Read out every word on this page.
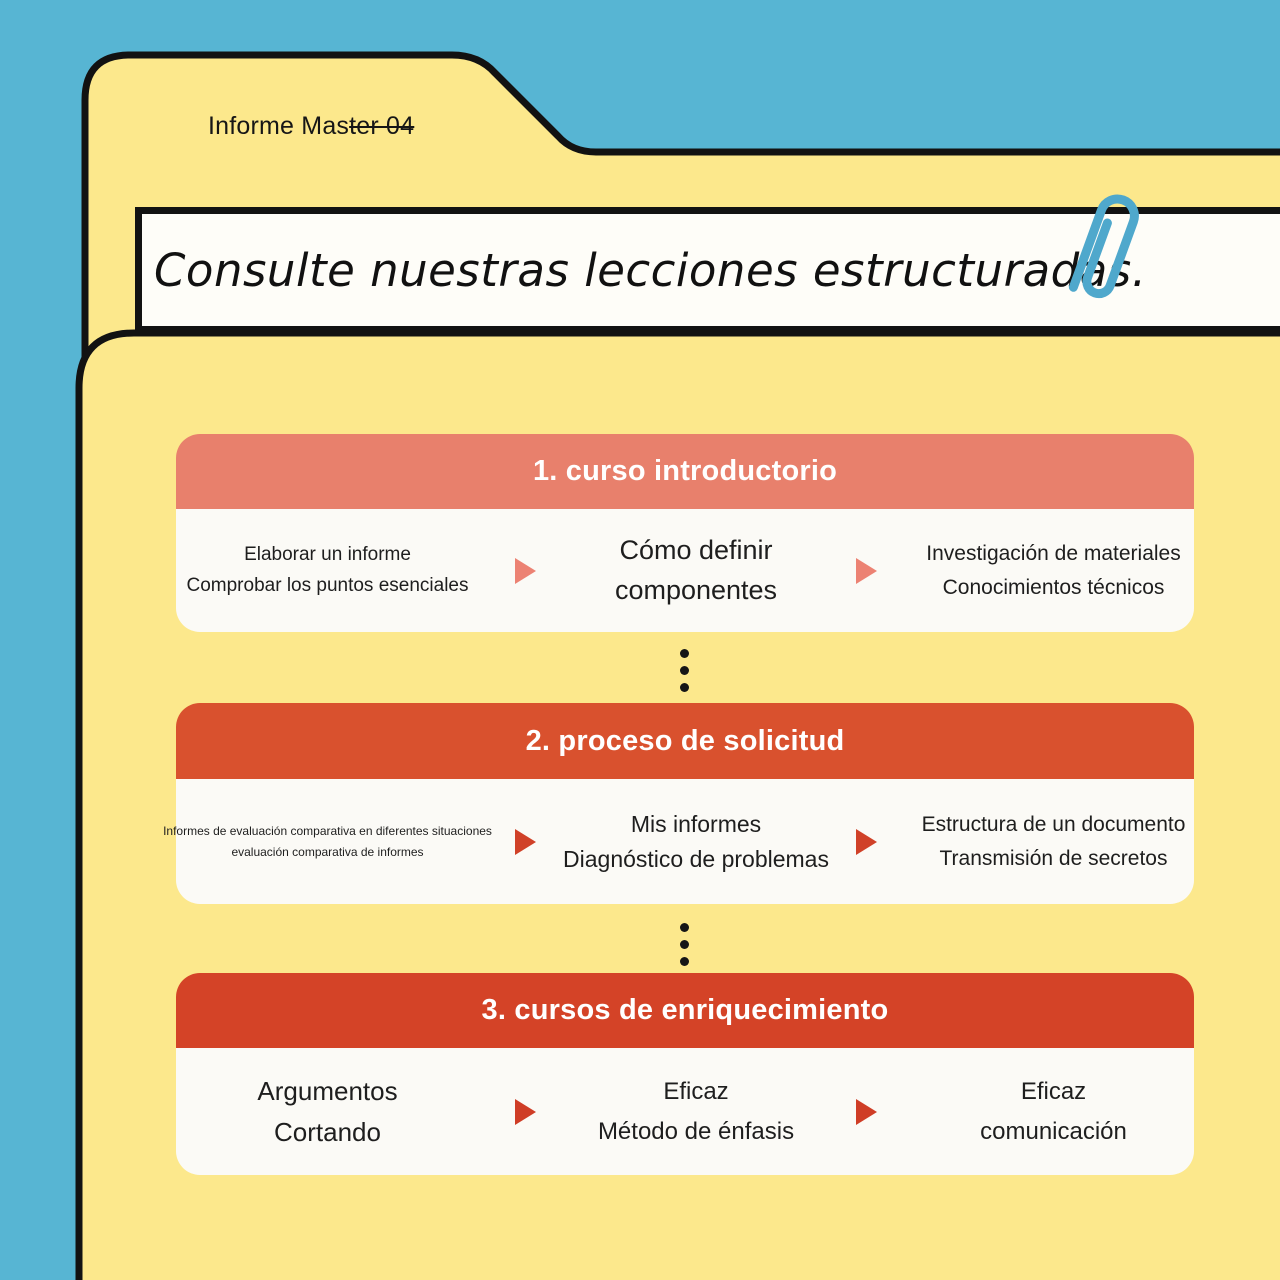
Informe Master 04
Consulte nuestras lecciones estructuradas.
1. curso introductorio
Elaborar un informe
Comprobar los puntos esenciales
Cómo definir
componentes
Investigación de materiales
Conocimientos técnicos
2. proceso de solicitud
Informes de evaluación comparativa en diferentes situaciones
evaluación comparativa de informes
Mis informes
Diagnóstico de problemas
Estructura de un documento
Transmisión de secretos
3. cursos de enriquecimiento
Argumentos
Cortando
Eficaz
Método de énfasis
Eficaz
comunicación
